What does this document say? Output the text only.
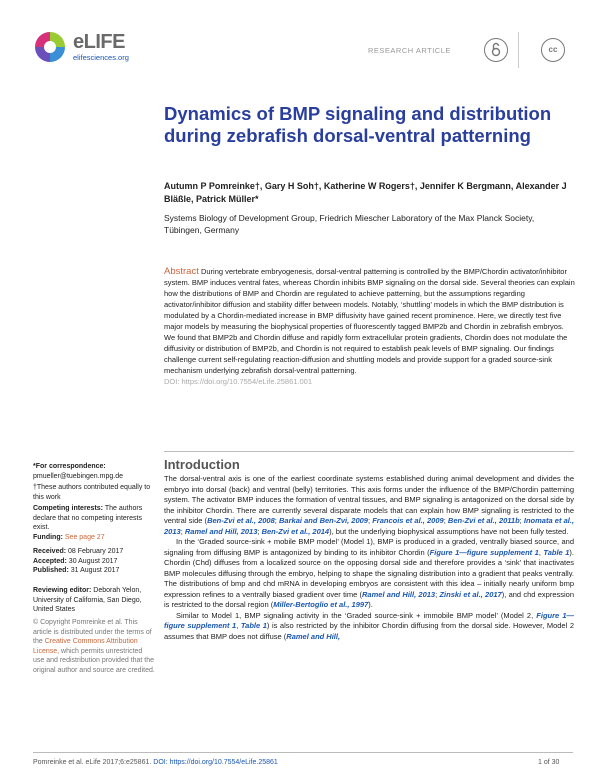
eLIFE
elifesciences.org
RESEARCH ARTICLE	cc
Dynamics of BMP signaling and distribution during zebrafish dorsal-ventral patterning
Autumn P Pomreinke†, Gary H Soh†, Katherine W Rogers†, Jennifer K Bergmann, Alexander J Bläßle, Patrick Müller*
Systems Biology of Development Group, Friedrich Miescher Laboratory of the Max Planck Society, Tübingen, Germany
Abstract During vertebrate embryogenesis, dorsal-ventral patterning is controlled by the BMP/Chordin activator/inhibitor system. BMP induces ventral fates, whereas Chordin inhibits BMP signaling on the dorsal side. Several theories can explain how the distributions of BMP and Chordin are regulated to achieve patterning, but the assumptions regarding activator/inhibitor diffusion and stability differ between models. Notably, ‘shuttling’ models in which the BMP distribution is modulated by a Chordin-mediated increase in BMP diffusivity have gained recent prominence. Here, we directly test five major models by measuring the biophysical properties of fluorescently tagged BMP2b and Chordin in zebrafish embryos. We found that BMP2b and Chordin diffuse and rapidly form extracellular protein gradients, Chordin does not modulate the diffusivity or distribution of BMP2b, and Chordin is not required to establish peak levels of BMP signaling. Our findings challenge current self-regulating reaction-diffusion and shuttling models and provide support for a graded source-sink mechanism underlying zebrafish dorsal-ventral patterning.
DOI: https://doi.org/10.7554/eLife.25861.001
*For correspondence: pmueller@tuebingen.mpg.de
†These authors contributed equally to this work
Competing interests: The authors declare that no competing interests exist.
Funding: See page 27
Received: 08 February 2017
Accepted: 30 August 2017
Published: 31 August 2017
Reviewing editor: Deborah Yelon, University of California, San Diego, United States
© Copyright Pomreinke et al. This article is distributed under the terms of the Creative Commons Attribution License, which permits unrestricted use and redistribution provided that the original author and source are credited.
Introduction

The dorsal-ventral axis is one of the earliest coordinate systems established during animal development and divides the embryo into dorsal (back) and ventral (belly) territories. This axis forms under the influence of the BMP/Chordin patterning system. The activator BMP induces the formation of ventral tissues, and BMP signaling is antagonized on the dorsal side by the inhibitor Chordin. There are currently several disparate models that can explain how BMP signaling is restricted to the ventral side (Ben-Zvi et al., 2008; Barkai and Ben-Zvi, 2009; Francois et al., 2009; Ben-Zvi et al., 2011b; Inomata et al., 2013; Ramel and Hill, 2013; Ben-Zvi et al., 2014), but the underlying biophysical assumptions have not been fully tested.

In the ‘Graded source-sink + mobile BMP model’ (Model 1), BMP is produced in a graded, ventrally biased source, and signaling from diffusing BMP is antagonized by binding to its inhibitor Chordin (Figure 1—figure supplement 1, Table 1). Chordin (Chd) diffuses from a localized source on the opposing dorsal side and therefore provides a ‘sink’ that inactivates BMP molecules diffusing through the embryo, helping to shape the signaling distribution into a gradient that peaks ventrally. The distributions of bmp and chd mRNA in developing embryos are consistent with this idea – initially nearly uniform bmp expression refines to a ventrally biased gradient over time (Ramel and Hill, 2013; Zinski et al., 2017), and chd expression is restricted to the dorsal region (Miller-Bertoglio et al., 1997).

Similar to Model 1, BMP signaling activity in the ‘Graded source-sink + immobile BMP model’ (Model 2, Figure 1—figure supplement 1, Table 1) is also restricted by the inhibitor Chordin diffusing from the dorsal side. However, Model 2 assumes that BMP does not diffuse (Ramel and Hill,

Pomreinke et al. eLife 2017;6:e25861. DOI: https://doi.org/10.7554/eLife.25861	1 of 30
